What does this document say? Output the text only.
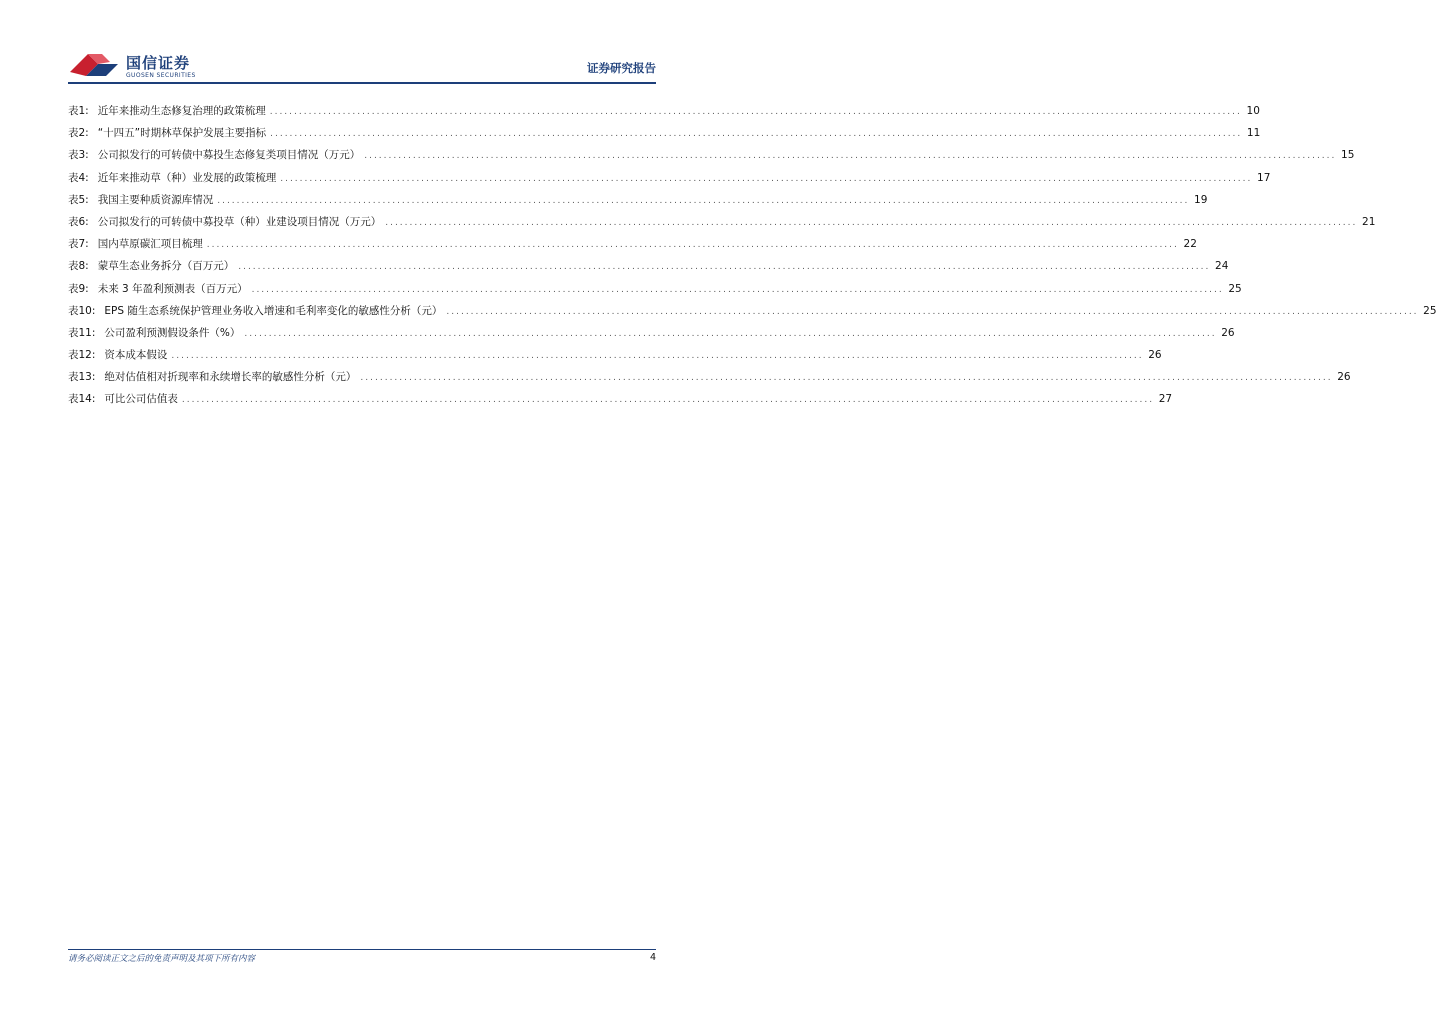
国信证券
GUOSEN SECURITIES
证券研究报告
表1: 近年来推动生态修复治理的政策梳理 ........................................................................................................................................................................................................ 10
表2: “十四五”时期林草保护发展主要指标 ........................................................................................................................................................................................................ 11
表3: 公司拟发行的可转债中募投生态修复类项目情况（万元） ........................................................................................................................................................................................................ 15
表4: 近年来推动草（种）业发展的政策梳理 ........................................................................................................................................................................................................ 17
表5: 我国主要种质资源库情况 ........................................................................................................................................................................................................ 19
表6: 公司拟发行的可转债中募投草（种）业建设项目情况（万元） ........................................................................................................................................................................................................ 21
表7: 国内草原碳汇项目梳理 ........................................................................................................................................................................................................ 22
表8: 蒙草生态业务拆分（百万元） ........................................................................................................................................................................................................ 24
表9: 未来 3 年盈利预测表（百万元） ........................................................................................................................................................................................................ 25
表10: EPS 随生态系统保护管理业务收入增速和毛利率变化的敏感性分析（元） ........................................................................................................................................................................................................ 25
表11: 公司盈利预测假设条件（%） ........................................................................................................................................................................................................ 26
表12: 资本成本假设 ........................................................................................................................................................................................................ 26
表13: 绝对估值相对折现率和永续增长率的敏感性分析（元） ........................................................................................................................................................................................................ 26
表14: 可比公司估值表 ........................................................................................................................................................................................................ 27
请务必阅读正文之后的免责声明及其项下所有内容	4
